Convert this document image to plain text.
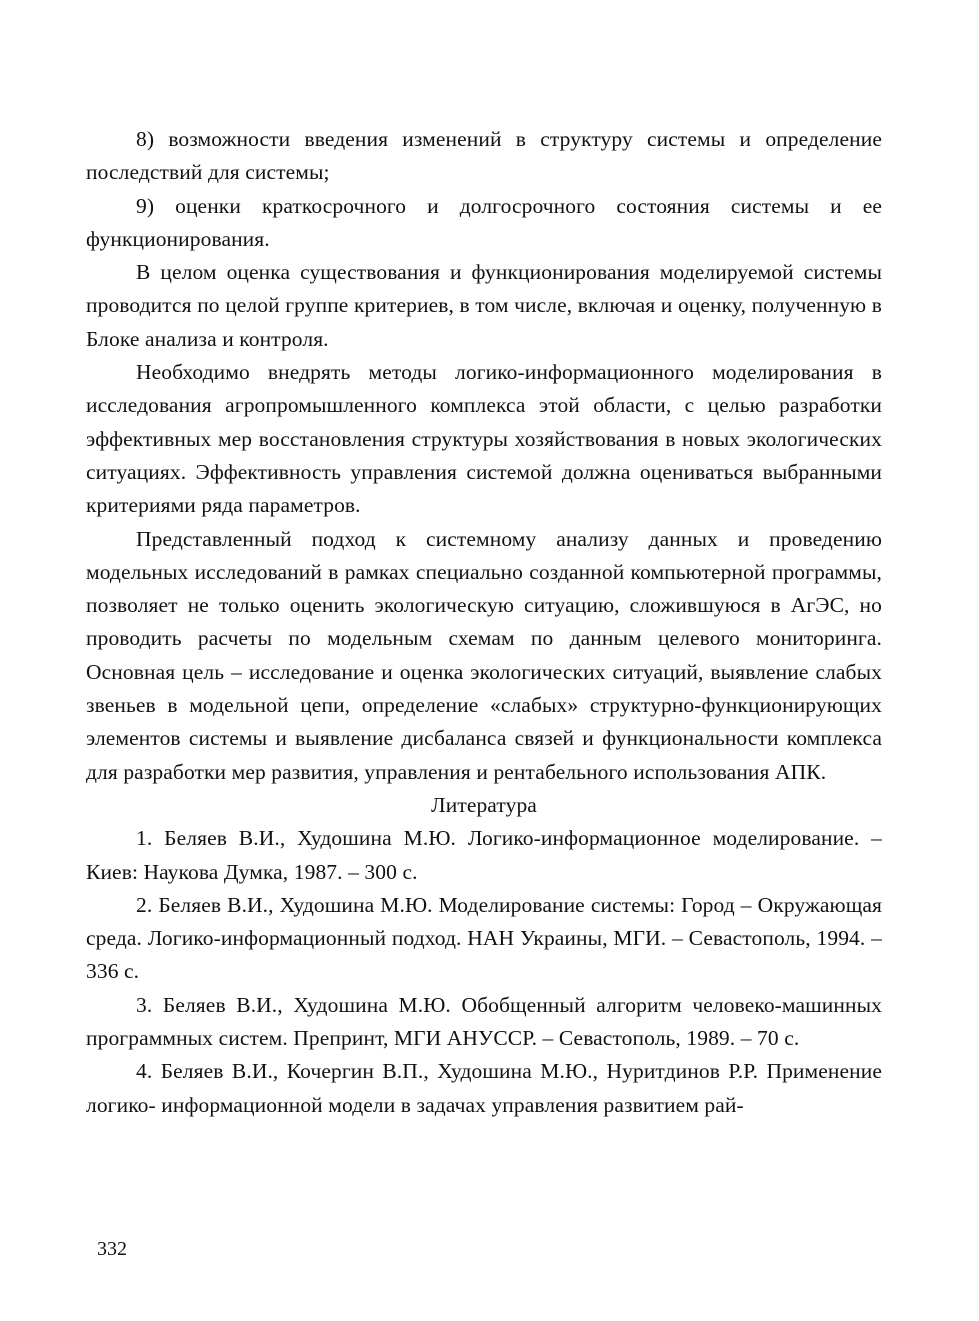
8) возможности введения изменений в структуру системы и определение последствий для системы;

9) оценки краткосрочного и долгосрочного состояния системы и ее функционирования.

В целом оценка существования и функционирования моделируемой системы проводится по целой группе критериев, в том числе, включая и оценку, полученную в Блоке анализа и контроля.

Необходимо внедрять методы логико-информационного моделирования в исследования агропромышленного комплекса этой области, с целью разработки эффективных мер восстановления структуры хозяйствования в новых экологических ситуациях. Эффективность управления системой должна оцениваться выбранными критериями ряда параметров.

Представленный подход к системному анализу данных и проведению модельных исследований в рамках специально созданной компьютерной программы, позволяет не только оценить экологическую ситуацию, сложившуюся в АгЭС, но проводить расчеты по модельным схемам по данным целевого мониторинга. Основная цель – исследование и оценка экологических ситуаций, выявление слабых звеньев в модельной цепи, определение «слабых» структурно-функционирующих элементов системы и выявление дисбаланса связей и функциональности комплекса для разработки мер развития, управления и рентабельного использования АПК.

Литература

1. Беляев В.И., Худошина М.Ю. Логико-информационное моделирование. – Киев: Наукова Думка, 1987. – 300 с.

2. Беляев В.И., Худошина М.Ю. Моделирование системы: Город – Окружающая среда. Логико-информационный подход. НАН Украины, МГИ. – Севастополь, 1994. – 336 с.

3. Беляев В.И., Худошина М.Ю. Обобщенный алгоритм человеко-машинных программных систем. Препринт, МГИ АНУССР. – Севастополь, 1989. – 70 с.

4. Беляев В.И., Кочергин В.П., Худошина М.Ю., Нуритдинов Р.Р. Применение логико- информационной модели в задачах управления развитием рай-

332
